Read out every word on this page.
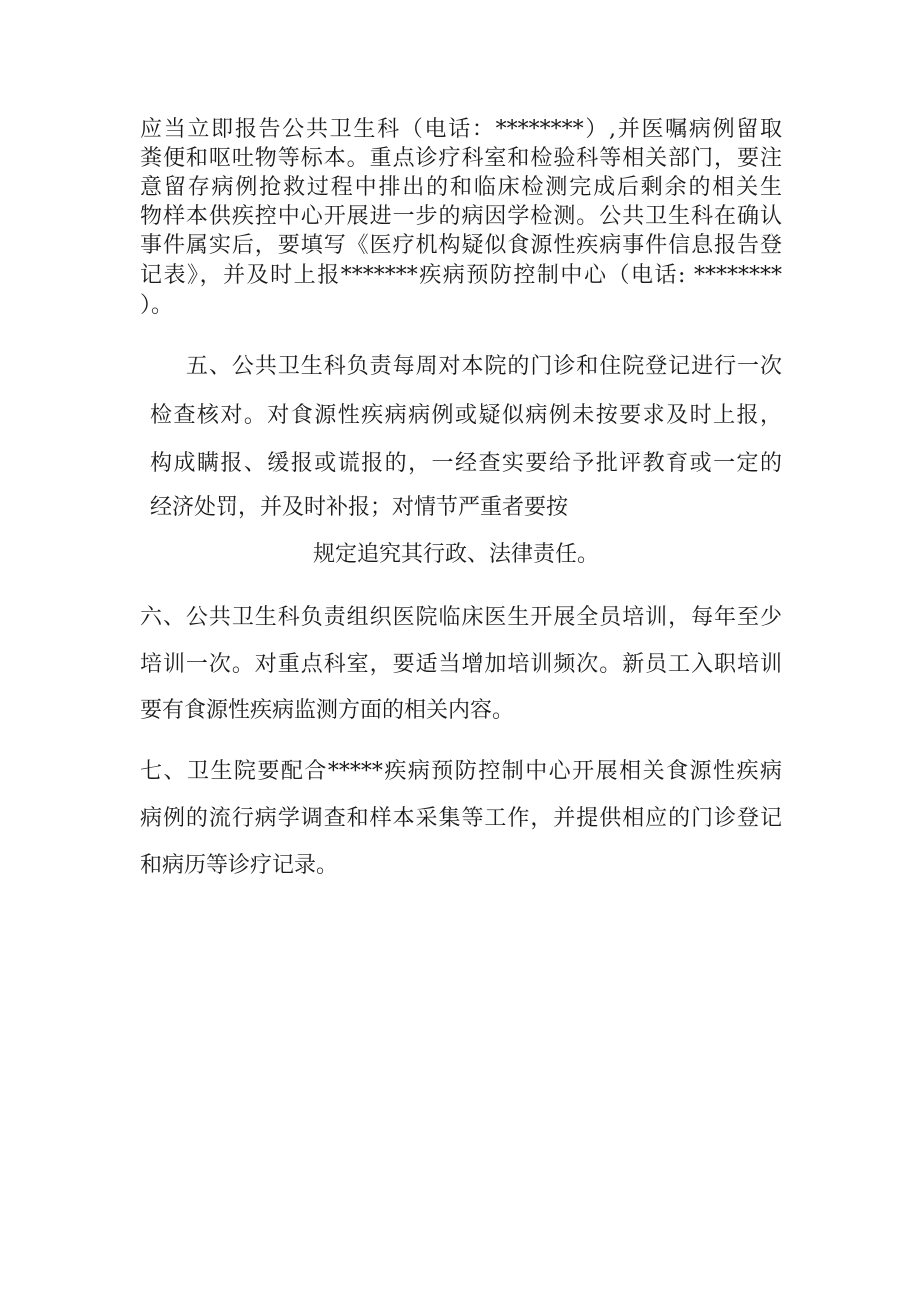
应当立即报告公共卫生科（电话：********）,并医嘱病例留取
粪便和呕吐物等标本。重点诊疗科室和检验科等相关部门，要注
意留存病例抢救过程中排出的和临床检测完成后剩余的相关生
物样本供疾控中心开展进一步的病因学检测。公共卫生科在确认
事件属实后，要填写《医疗机构疑似食源性疾病事件信息报告登
记表》，并及时上报*******疾病预防控制中心（电话: ********
）。
五、公共卫生科负责每周对本院的门诊和住院登记进行一次
检查核对。对食源性疾病病例或疑似病例未按要求及时上报，
构成瞒报、缓报或谎报的，一经查实要给予批评教育或一定的
经济处罚，并及时补报；对情节严重者要按
规定追究其行政、法律责任。
六、公共卫生科负责组织医院临床医生开展全员培训，每年至少
培训一次。对重点科室，要适当增加培训频次。新员工入职培训
要有食源性疾病监测方面的相关内容。
七、卫生院要配合*****疾病预防控制中心开展相关食源性疾病
病例的流行病学调查和样本采集等工作，并提供相应的门诊登记
和病历等诊疗记录。
